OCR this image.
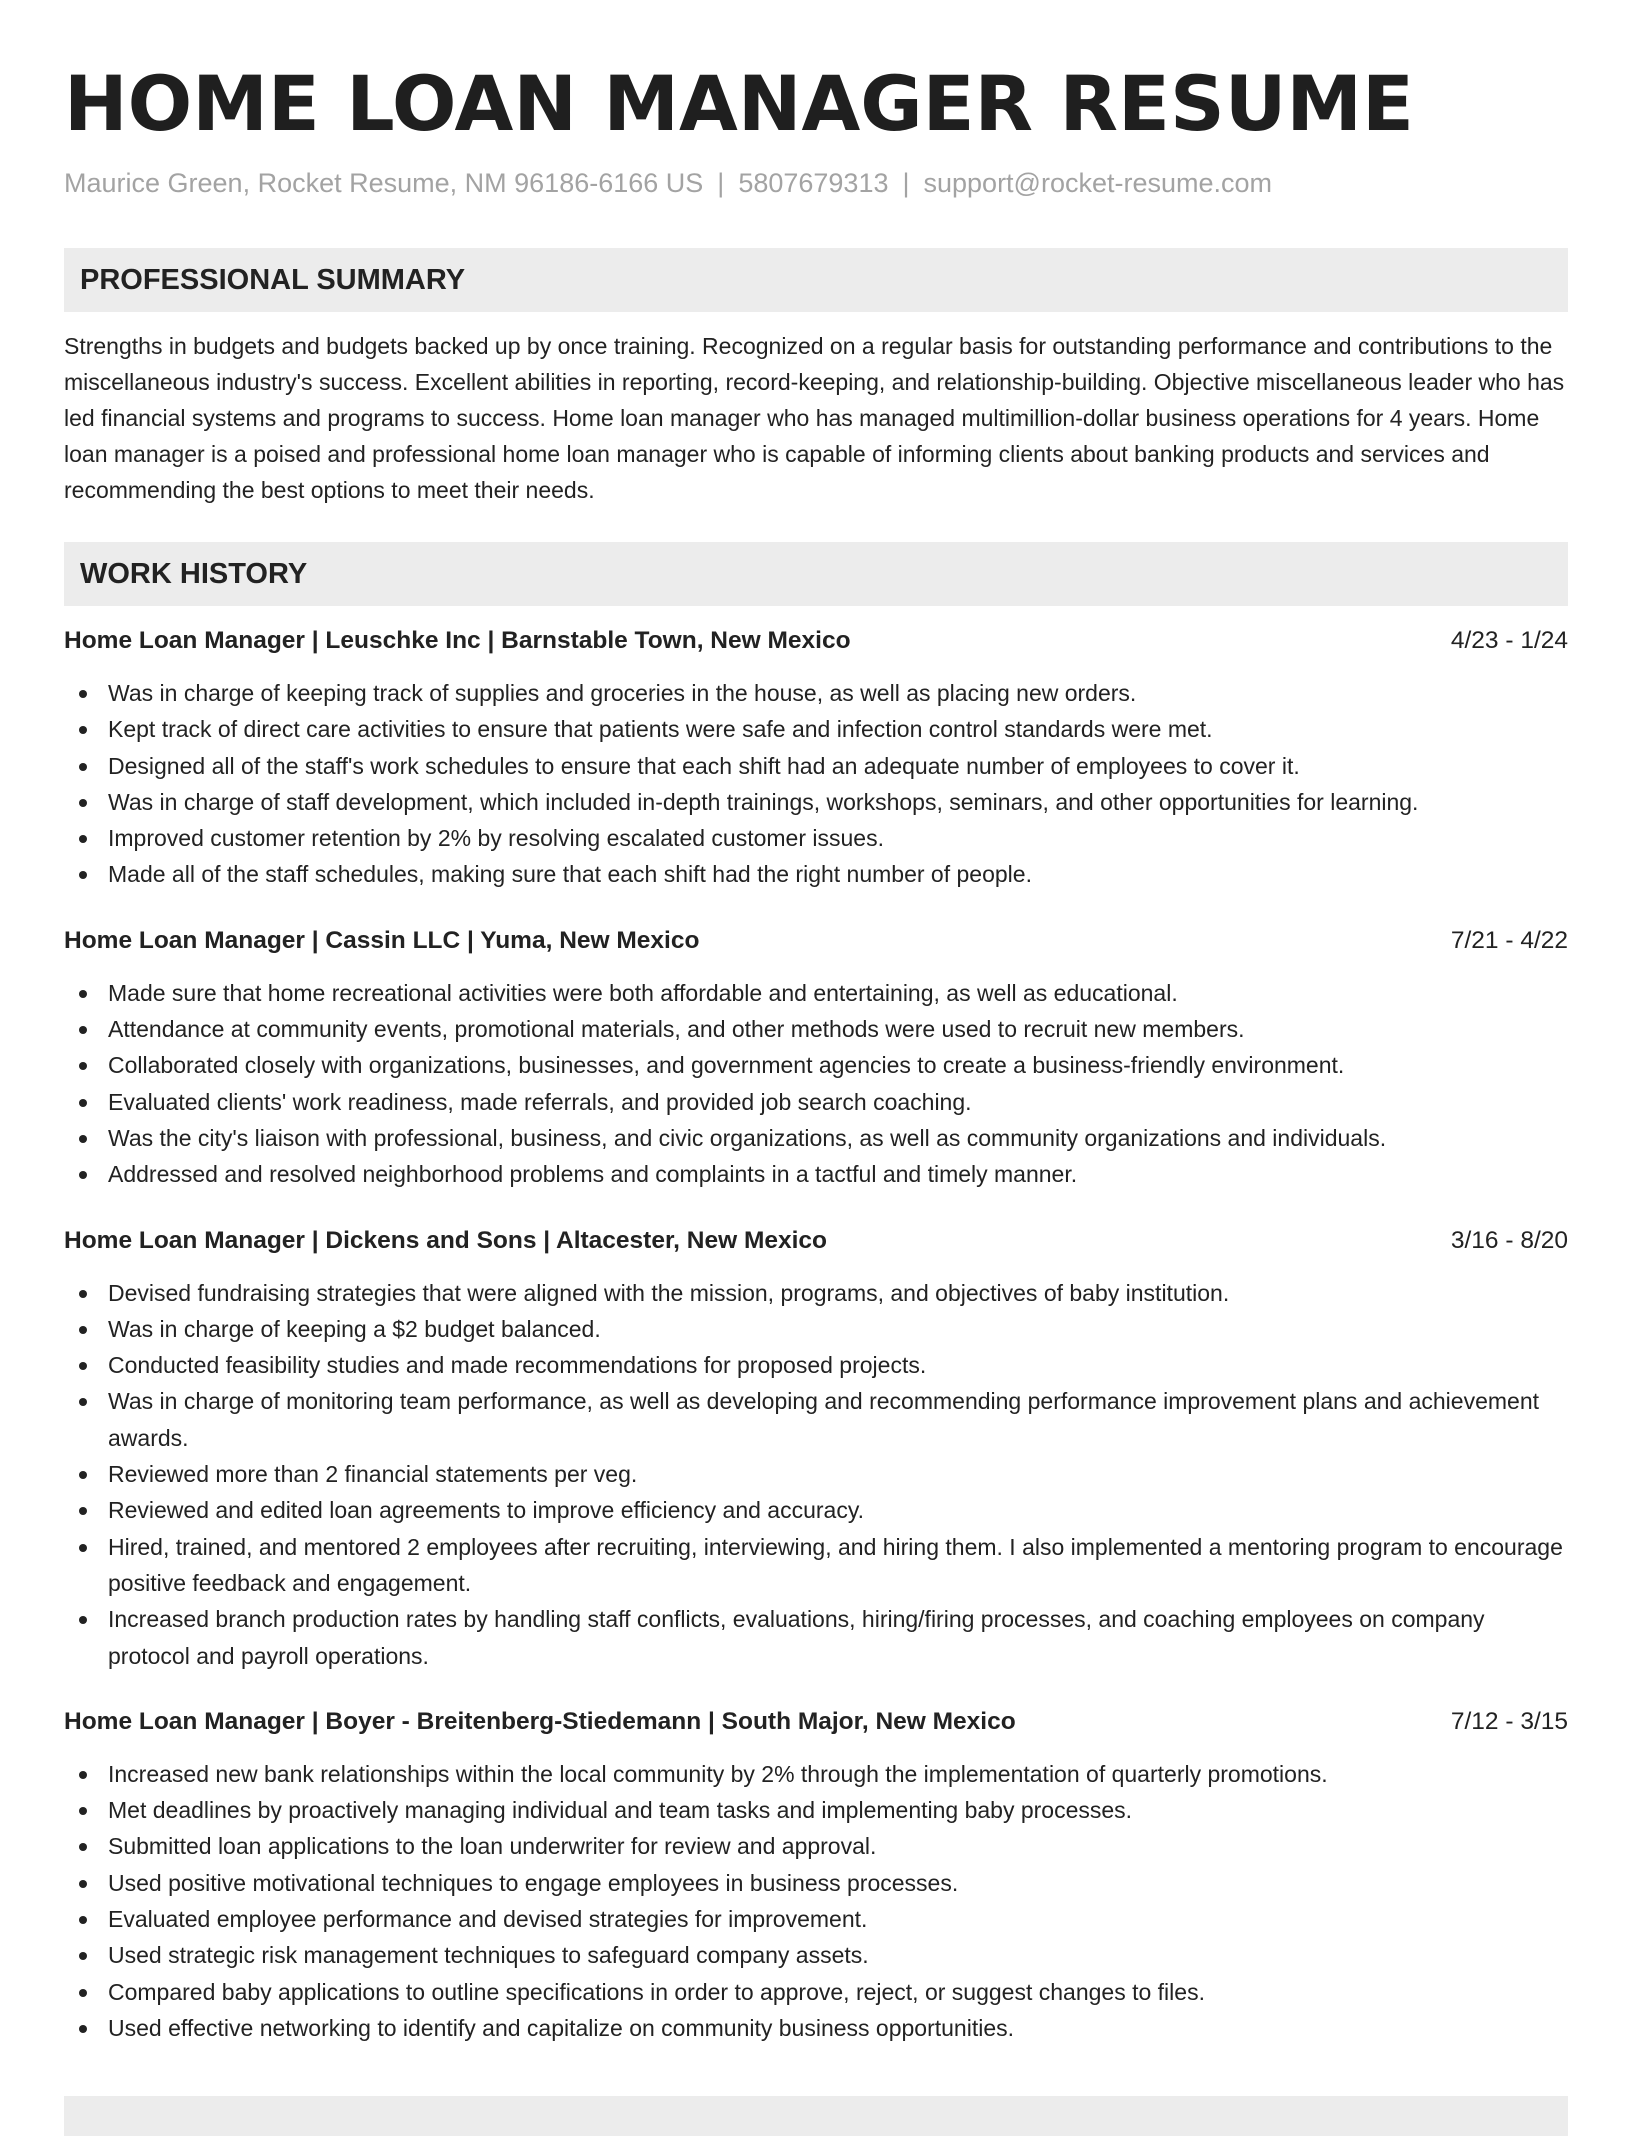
HOME LOAN MANAGER RESUME
Maurice Green, Rocket Resume, NM 96186-6166 US | 5807679313 | support@rocket-resume.com
PROFESSIONAL SUMMARY
Strengths in budgets and budgets backed up by once training. Recognized on a regular basis for outstanding performance and contributions to the miscellaneous industry's success. Excellent abilities in reporting, record-keeping, and relationship-building. Objective miscellaneous leader who has led financial systems and programs to success. Home loan manager who has managed multimillion-dollar business operations for 4 years. Home loan manager is a poised and professional home loan manager who is capable of informing clients about banking products and services and recommending the best options to meet their needs.
WORK HISTORY
Home Loan Manager | Leuschke Inc | Barnstable Town, New Mexico	4/23 - 1/24
Was in charge of keeping track of supplies and groceries in the house, as well as placing new orders.
Kept track of direct care activities to ensure that patients were safe and infection control standards were met.
Designed all of the staff's work schedules to ensure that each shift had an adequate number of employees to cover it.
Was in charge of staff development, which included in-depth trainings, workshops, seminars, and other opportunities for learning.
Improved customer retention by 2% by resolving escalated customer issues.
Made all of the staff schedules, making sure that each shift had the right number of people.
Home Loan Manager | Cassin LLC | Yuma, New Mexico	7/21 - 4/22
Made sure that home recreational activities were both affordable and entertaining, as well as educational.
Attendance at community events, promotional materials, and other methods were used to recruit new members.
Collaborated closely with organizations, businesses, and government agencies to create a business-friendly environment.
Evaluated clients' work readiness, made referrals, and provided job search coaching.
Was the city's liaison with professional, business, and civic organizations, as well as community organizations and individuals.
Addressed and resolved neighborhood problems and complaints in a tactful and timely manner.
Home Loan Manager | Dickens and Sons | Altacester, New Mexico	3/16 - 8/20
Devised fundraising strategies that were aligned with the mission, programs, and objectives of baby institution.
Was in charge of keeping a $2 budget balanced.
Conducted feasibility studies and made recommendations for proposed projects.
Was in charge of monitoring team performance, as well as developing and recommending performance improvement plans and achievement awards.
Reviewed more than 2 financial statements per veg.
Reviewed and edited loan agreements to improve efficiency and accuracy.
Hired, trained, and mentored 2 employees after recruiting, interviewing, and hiring them. I also implemented a mentoring program to encourage positive feedback and engagement.
Increased branch production rates by handling staff conflicts, evaluations, hiring/firing processes, and coaching employees on company protocol and payroll operations.
Home Loan Manager | Boyer - Breitenberg-Stiedemann | South Major, New Mexico	7/12 - 3/15
Increased new bank relationships within the local community by 2% through the implementation of quarterly promotions.
Met deadlines by proactively managing individual and team tasks and implementing baby processes.
Submitted loan applications to the loan underwriter for review and approval.
Used positive motivational techniques to engage employees in business processes.
Evaluated employee performance and devised strategies for improvement.
Used strategic risk management techniques to safeguard company assets.
Compared baby applications to outline specifications in order to approve, reject, or suggest changes to files.
Used effective networking to identify and capitalize on community business opportunities.
